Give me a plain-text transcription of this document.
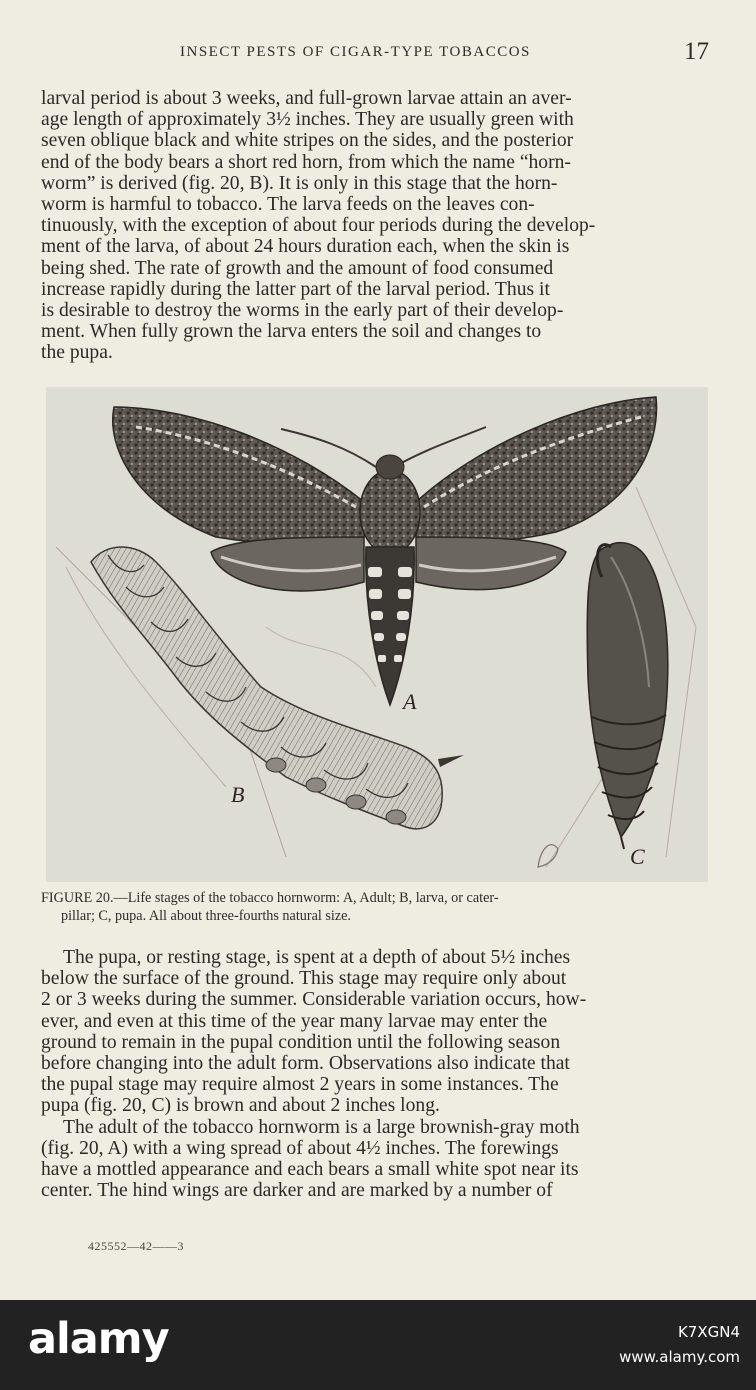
INSECT PESTS OF CIGAR-TYPE TOBACCOS	17

larval period is about 3 weeks, and full-grown larvae attain an aver-

age length of approximately 3½ inches. They are usually green with

seven oblique black and white stripes on the sides, and the posterior

end of the body bears a short red horn, from which the name “horn-

worm” is derived (fig. 20, B). It is only in this stage that the horn-

worm is harmful to tobacco. The larva feeds on the leaves con-

tinuously, with the exception of about four periods during the develop-

ment of the larva, of about 24 hours duration each, when the skin is

being shed. The rate of growth and the amount of food consumed

increase rapidly during the latter part of the larval period. Thus it

is desirable to destroy the worms in the early part of their develop-

ment. When fully grown the larva enters the soil and changes to

the pupa.

A
B
C
FIGURE 20.—Life stages of the tobacco hornworm: A, Adult; B, larva, or cater-
pillar; C, pupa. All about three-fourths natural size.

The pupa, or resting stage, is spent at a depth of about 5½ inches

below the surface of the ground. This stage may require only about

2 or 3 weeks during the summer. Considerable variation occurs, how-

ever, and even at this time of the year many larvae may enter the

ground to remain in the pupal condition until the following season

before changing into the adult form. Observations also indicate that

the pupal stage may require almost 2 years in some instances. The

pupa (fig. 20, C) is brown and about 2 inches long.

The adult of the tobacco hornworm is a large brownish-gray moth

(fig. 20, A) with a wing spread of about 4½ inches. The forewings

have a mottled appearance and each bears a small white spot near its

center. The hind wings are darker and are marked by a number of

425552—42——3
alamy	K7XGN4
www.alamy.com
